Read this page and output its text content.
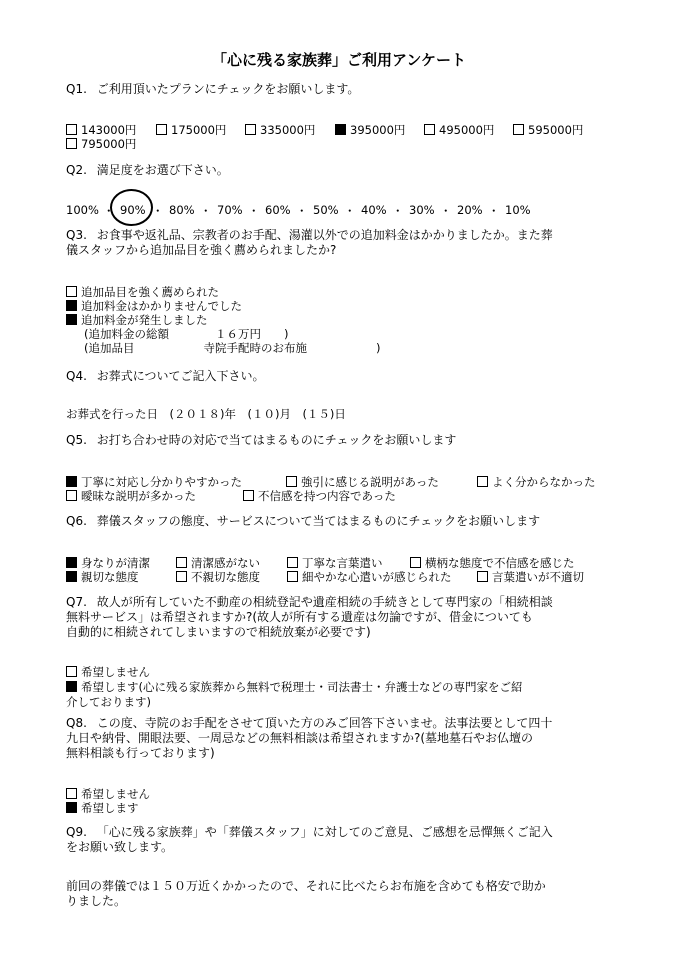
「心に残る家族葬」ご利用アンケート
Q1. ご利用頂いたプランにチェックをお願いします。
143000円	175000円	335000円	395000円	495000円	595000円
795000円
Q2. 満足度をお選び下さい。
100% ・ 90% ・ 80% ・ 70% ・ 60% ・ 50% ・ 40% ・ 30% ・ 20% ・ 10%
Q3. お食事や返礼品、宗教者のお手配、湯灌以外での追加料金はかかりましたか。また葬
儀スタッフから追加品目を強く薦められましたか?
追加品目を強く薦められた
追加料金はかかりませんでした
追加料金が発生しました
(追加料金の総額　　　　１６万円　　)
(追加品目　　　　　　寺院手配時のお布施　　　　　　)
Q4. お葬式についてご記入下さい。
お葬式を行った日　(２０１８)年　(１０)月　(１５)日
Q5. お打ち合わせ時の対応で当てはまるものにチェックをお願いします
丁寧に対応し分かりやすかった	強引に感じる説明があった	よく分からなかった
曖昧な説明が多かった	不信感を持つ内容であった
Q6. 葬儀スタッフの態度、サービスについて当てはまるものにチェックをお願いします
身なりが清潔	清潔感がない	丁寧な言葉遣い	横柄な態度で不信感を感じた
親切な態度	不親切な態度	細やかな心遣いが感じられた	言葉遣いが不適切
Q7. 故人が所有していた不動産の相続登記や遺産相続の手続きとして専門家の「相続相談
無料サービス」は希望されますか?(故人が所有する遺産は勿論ですが、借金についても
自動的に相続されてしまいますので相続放棄が必要です)
希望しません
希望します(心に残る家族葬から無料で税理士・司法書士・弁護士などの専門家をご紹
介しております)
Q8. この度、寺院のお手配をさせて頂いた方のみご回答下さいませ。法事法要として四十
九日や納骨、開眼法要、一周忌などの無料相談は希望されますか?(墓地墓石やお仏壇の
無料相談も行っております)
希望しません
希望します
Q9. 「心に残る家族葬」や「葬儀スタッフ」に対してのご意見、ご感想を忌憚無くご記入
をお願い致します。
前回の葬儀では１５０万近くかかったので、それに比べたらお布施を含めても格安で助か
りました。
